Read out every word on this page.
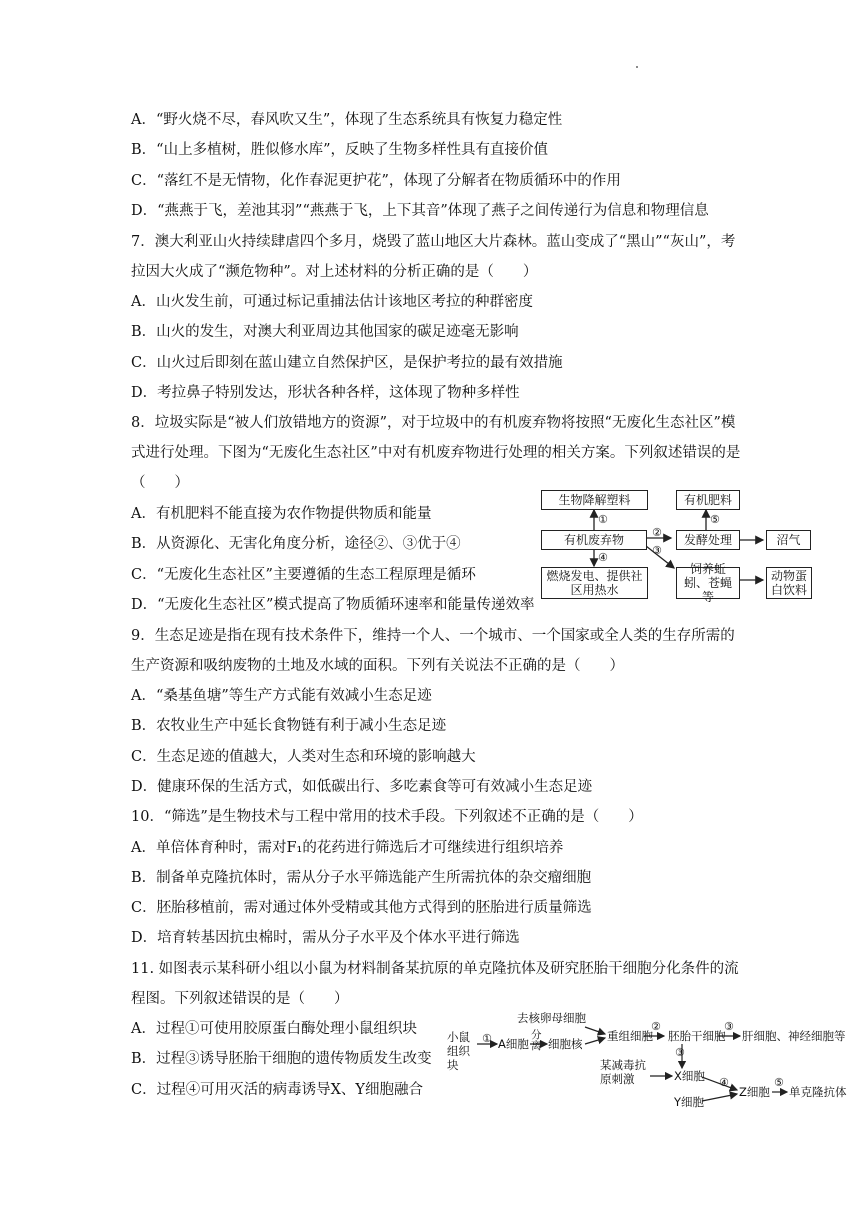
A．“野火烧不尽，春风吹又生”，体现了生态系统具有恢复力稳定性
B．“山上多植树，胜似修水库”，反映了生物多样性具有直接价值
C．“落红不是无情物，化作春泥更护花”，体现了分解者在物质循环中的作用
D．“燕燕于飞，差池其羽”“燕燕于飞，上下其音”体现了燕子之间传递行为信息和物理信息
7．澳大利亚山火持续肆虐四个多月，烧毁了蓝山地区大片森林。蓝山变成了“黑山”“灰山”，考
拉因大火成了“濒危物种”。对上述材料的分析正确的是（　　）
A．山火发生前，可通过标记重捕法估计该地区考拉的种群密度
B．山火的发生，对澳大利亚周边其他国家的碳足迹毫无影响
C．山火过后即刻在蓝山建立自然保护区，是保护考拉的最有效措施
D．考拉鼻子特别发达，形状各种各样，这体现了物种多样性
8．垃圾实际是“被人们放错地方的资源”，对于垃圾中的有机废弃物将按照“无废化生态社区”模
式进行处理。下图为“无废化生态社区”中对有机废弃物进行处理的相关方案。下列叙述错误的是
（　　）
A．有机肥料不能直接为农作物提供物质和能量
B．从资源化、无害化角度分析，途径②、③优于④
C．“无废化生态社区”主要遵循的生态工程原理是循环
D．“无废化生态社区”模式提高了物质循环速率和能量传递效率
9．生态足迹是指在现有技术条件下，维持一个人、一个城市、一个国家或全人类的生存所需的
生产资源和吸纳废物的土地及水域的面积。下列有关说法不正确的是（　　）
A．“桑基鱼塘”等生产方式能有效减小生态足迹
B．农牧业生产中延长食物链有利于减小生态足迹
C．生态足迹的值越大，人类对生态和环境的影响越大
D．健康环保的生活方式，如低碳出行、多吃素食等可有效减小生态足迹
10．“筛选”是生物技术与工程中常用的技术手段。下列叙述不正确的是（　　）
A．单倍体育种时，需对F₁的花药进行筛选后才可继续进行组织培养
B．制备单克隆抗体时，需从分子水平筛选能产生所需抗体的杂交瘤细胞
C．胚胎移植前，需对通过体外受精或其他方式得到的胚胎进行质量筛选
D．培育转基因抗虫棉时，需从分子水平及个体水平进行筛选
11. 如图表示某科研小组以小鼠为材料制备某抗原的单克隆抗体及研究胚胎干细胞分化条件的流
程图。下列叙述错误的是（　　）
A．过程①可使用胶原蛋白酶处理小鼠组织块
B．过程③诱导胚胎干细胞的遗传物质发生改变
C．过程④可用灭活的病毒诱导X、Y细胞融合
生物降解塑料
有机废弃物
燃烧发电、提供社区用热水
有机肥料
发酵处理	沼气
饲养蚯蚓、苍蝇等
动物蛋白饮料
①
④
②
③
⑤
小鼠组织块
① A细胞
分离 细胞核
去核卵母细胞
重组细胞
②
胚胎干细胞
③
肝细胞、神经细胞等
③
某减毒抗原刺激	X细胞
Y细胞
④
Z细胞
⑤
单克隆抗体
